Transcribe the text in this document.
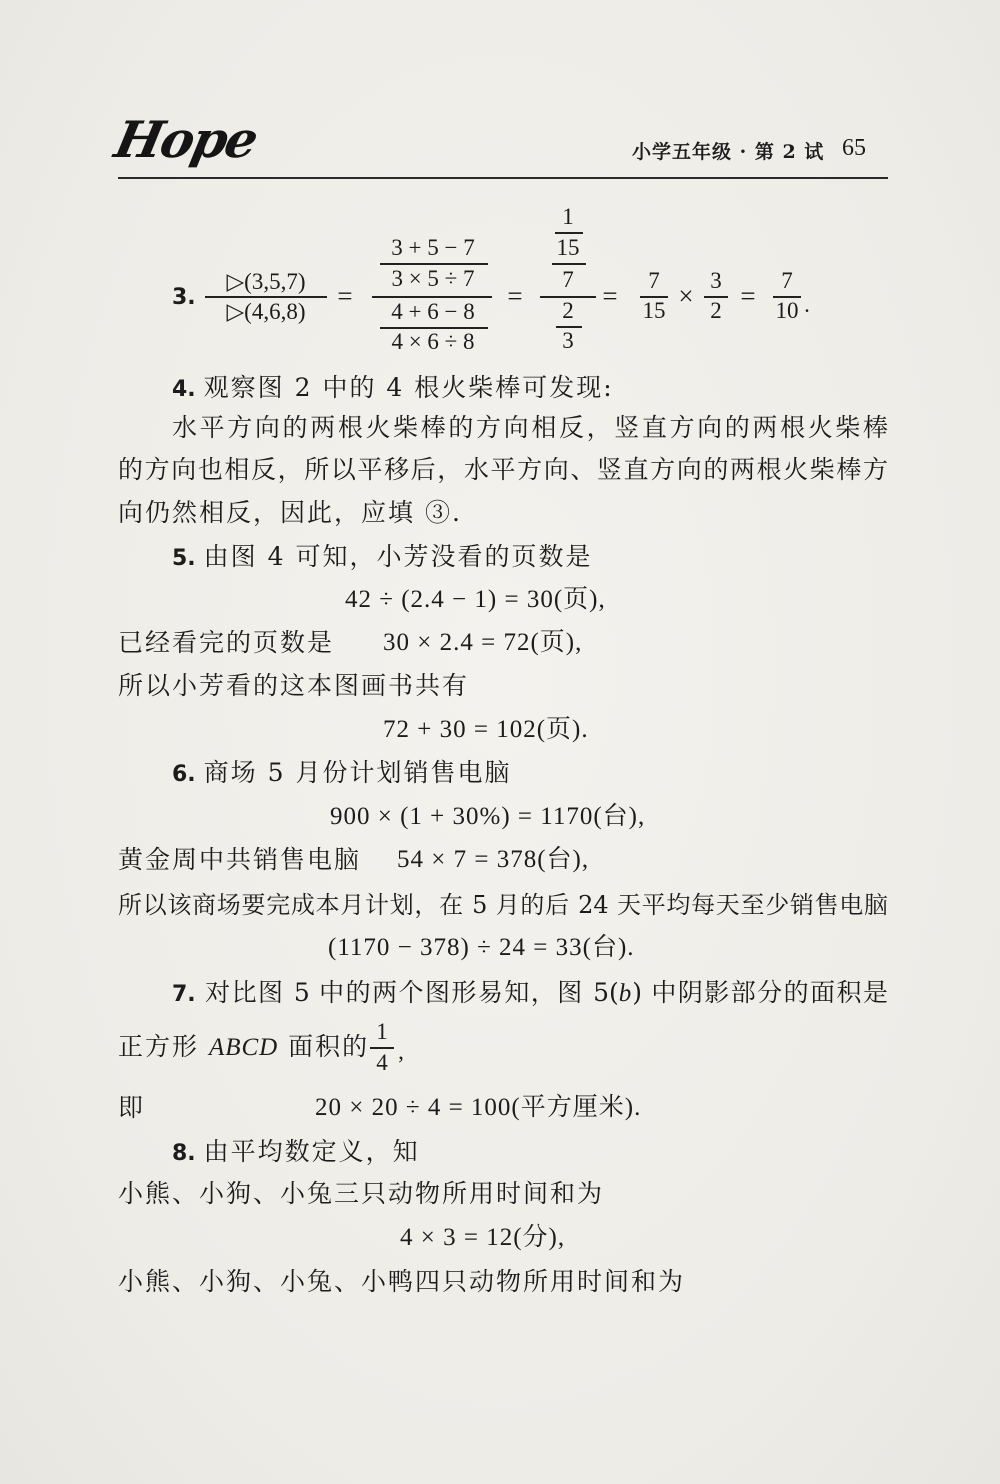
Hope	小学五年级 · 第 2 试 65
3.
▷(3,5,7)
▷(4,6,8)
=
3 + 5 − 7
3 × 5 ÷ 7
4 + 6 − 8
4 × 6 ÷ 8
=
1
15
7
2
3
=
7
15 ×
3
2 =
7
10 .
4. 观察图 2 中的 4 根火柴棒可发现:
水平方向的两根火柴棒的方向相反，竖直方向的两根火柴棒
的方向也相反，所以平移后，水平方向、竖直方向的两根火柴棒方
向仍然相反，因此，应填 ③.
5. 由图 4 可知，小芳没看的页数是
42 ÷ (2.4 − 1) = 30(页),
已经看完的页数是 30 × 2.4 = 72(页),
所以小芳看的这本图画书共有
72 + 30 = 102(页).
6. 商场 5 月份计划销售电脑
900 × (1 + 30%) = 1170(台),
黄金周中共销售电脑 54 × 7 = 378(台),
所以该商场要完成本月计划，在 5 月的后 24 天平均每天至少销售电脑
(1170 − 378) ÷ 24 = 33(台).
7. 对比图 5 中的两个图形易知，图 5(b) 中阴影部分的面积是
正方形 ABCD 面积的
1
4 ,
即	20 × 20 ÷ 4 = 100(平方厘米).
8. 由平均数定义，知
小熊、小狗、小兔三只动物所用时间和为
4 × 3 = 12(分),
小熊、小狗、小兔、小鸭四只动物所用时间和为
